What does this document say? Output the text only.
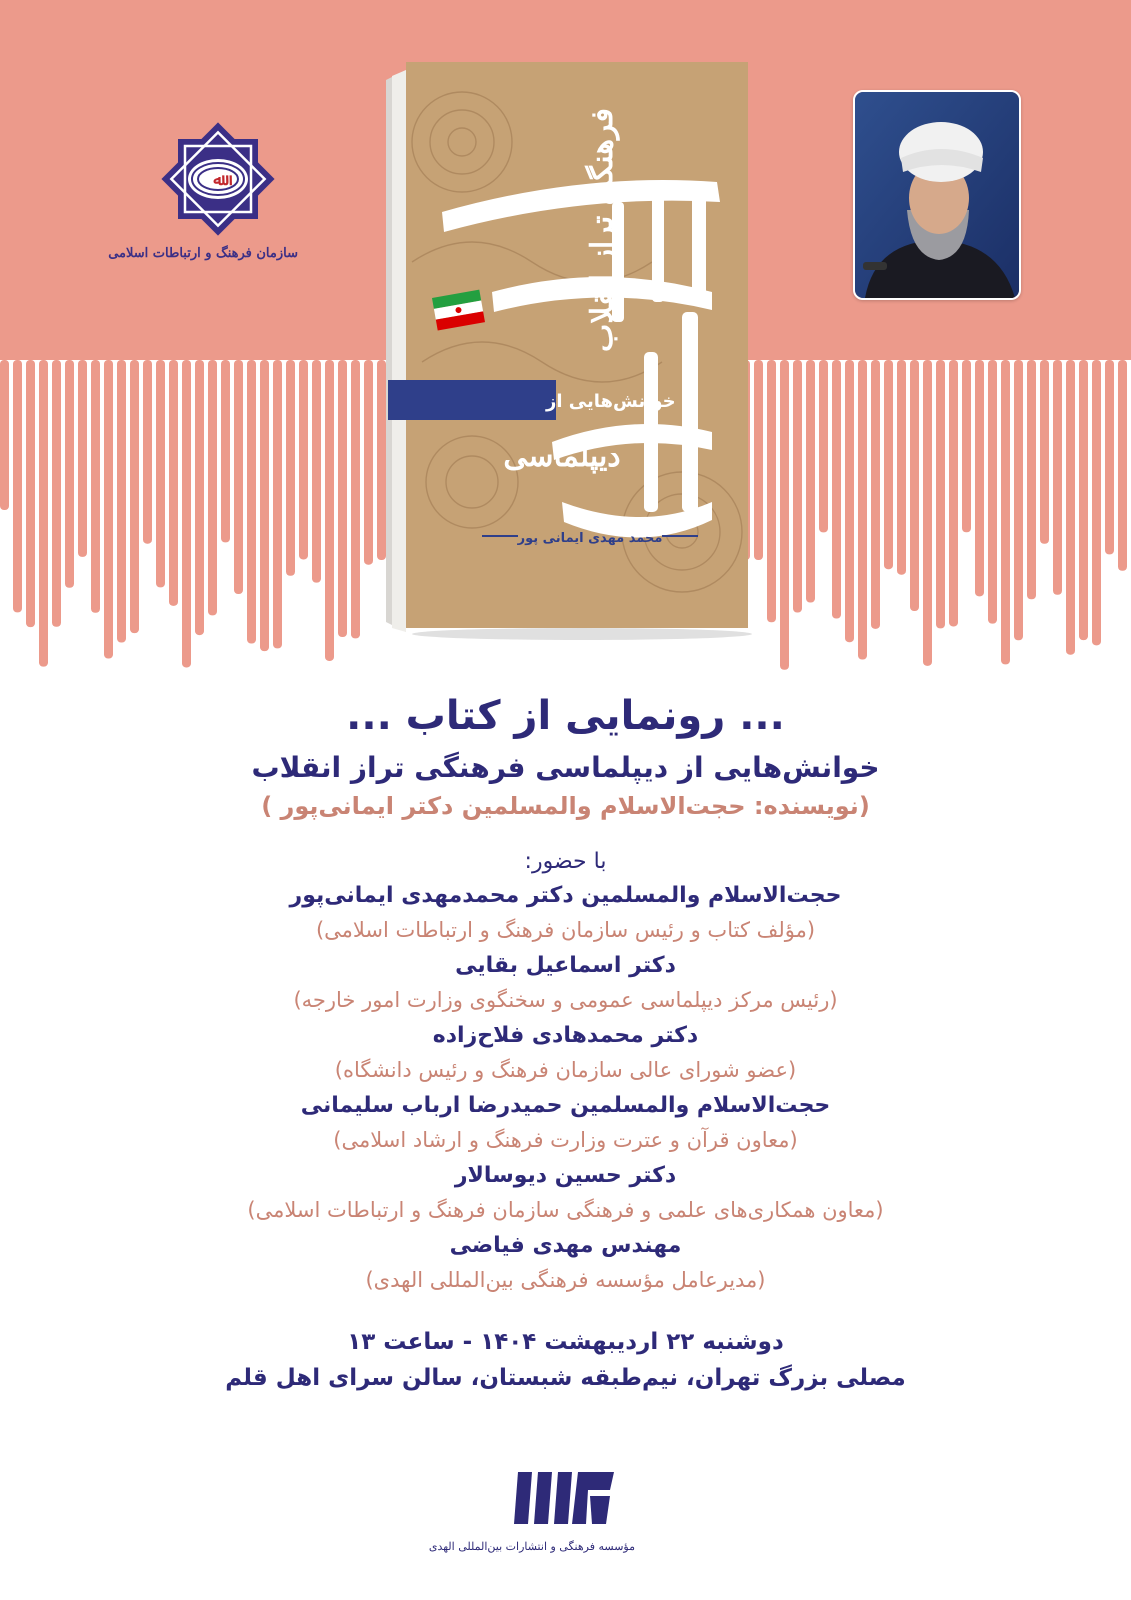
ﷲ
سازمان فرهنگ و ارتباطات اسلامی
خوانش‌هایی از
فرهنگی تراز انقلاب
دیپلماسی
محمد مهدی ایمانی پور
... رونمایی از کتاب ...
خوانش‌هایی از دیپلماسی فرهنگی تراز انقلاب
(نویسنده: حجت‌الاسلام والمسلمین دکتر ایمانی‌پور )
با حضور:
حجت‌الاسلام والمسلمین دکتر محمدمهدی ایمانی‌پور
(مؤلف کتاب و رئیس سازمان فرهنگ و ارتباطات اسلامی)
دکتر اسماعیل بقایی
(رئیس مرکز دیپلماسی عمومی و سخنگوی وزارت امور خارجه)
دکتر محمدهادی فلاح‌زاده
(عضو شورای عالی سازمان فرهنگ و رئیس دانشگاه)
حجت‌الاسلام والمسلمین حمیدرضا ارباب سلیمانی
(معاون قرآن و عترت وزارت فرهنگ و ارشاد اسلامی)
دکتر حسین دیوسالار
(معاون همکاری‌های علمی و فرهنگی سازمان فرهنگ و ارتباطات اسلامی)
مهندس مهدی فیاضی
(مدیرعامل مؤسسه فرهنگی بین‌المللی الهدی)
دوشنبه ۲۲ اردیبهشت ۱۴۰۴ - ساعت ۱۳
مصلی بزرگ تهران، نیم‌طبقه شبستان، سالن سرای اهل قلم
مؤسسه فرهنگی و انتشارات بین‌المللی الهدی
